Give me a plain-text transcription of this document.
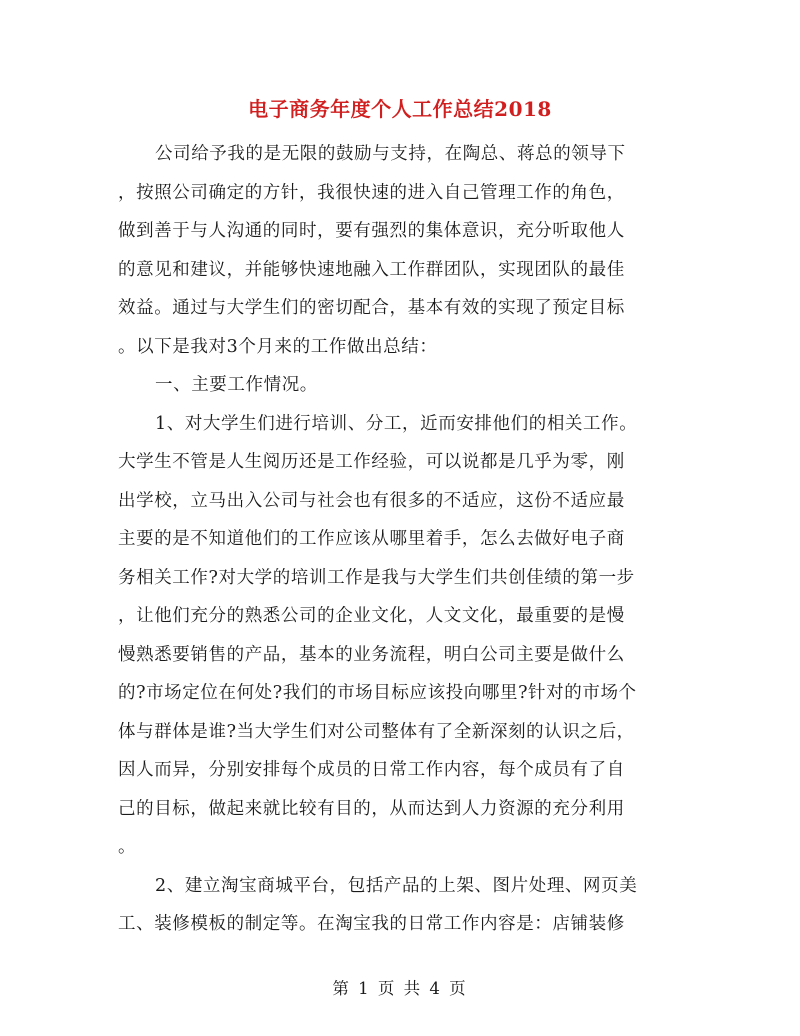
电子商务年度个人工作总结2018
公司给予我的是无限的鼓励与支持，在陶总、蒋总的领导下
，按照公司确定的方针，我很快速的进入自己管理工作的角色，
做到善于与人沟通的同时，要有强烈的集体意识，充分听取他人
的意见和建议，并能够快速地融入工作群团队，实现团队的最佳
效益。通过与大学生们的密切配合，基本有效的实现了预定目标
。以下是我对3个月来的工作做出总结：
一、主要工作情况。
1、对大学生们进行培训、分工，近而安排他们的相关工作。
大学生不管是人生阅历还是工作经验，可以说都是几乎为零，刚
出学校，立马出入公司与社会也有很多的不适应，这份不适应最
主要的是不知道他们的工作应该从哪里着手，怎么去做好电子商
务相关工作?对大学的培训工作是我与大学生们共创佳绩的第一步
，让他们充分的熟悉公司的企业文化，人文文化，最重要的是慢
慢熟悉要销售的产品，基本的业务流程，明白公司主要是做什么
的?市场定位在何处?我们的市场目标应该投向哪里?针对的市场个
体与群体是谁?当大学生们对公司整体有了全新深刻的认识之后，
因人而异，分别安排每个成员的日常工作内容，每个成员有了自
己的目标，做起来就比较有目的，从而达到人力资源的充分利用
。
2、建立淘宝商城平台，包括产品的上架、图片处理、网页美
工、装修模板的制定等。在淘宝我的日常工作内容是：店铺装修
第 1 页 共 4 页
